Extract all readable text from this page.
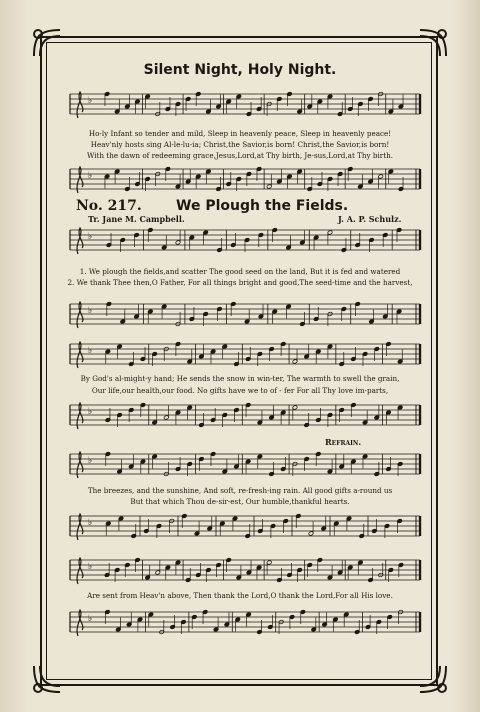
Silent Night, Holy Night.
♭
Ho-ly Infant so tender and mild, Sleep in heavenly peace, Sleep in heavenly peace!
Heav'nly hosts sing Al-le-lu-ia; Christ,the Savior,is born! Christ,the Savior,is born!
With the dawn of redeeming grace,Jesus,Lord,at Thy birth, Je-sus,Lord,at Thy birth.
♭
No. 217. We Plough the Fields.
Tr. Jane M. Campbell.	J. A. P. Schulz.
♭
1. We plough the fields,and scatter The good seed on the land, But it is fed and watered
2. We thank Thee then,O Father, For all things bright and good,The seed-time and the harvest,
♭
♭
By God's al-might-y hand; He sends the snow in win-ter, The warmth to swell the grain,
Our life,our health,our food. No gifts have we to of - fer For all Thy love im-parts,
♭
Refrain.
♭
The breezes, and the sunshine, And soft, re-fresh-ing rain. All good gifts a-round us
But that which Thou de-sir-est, Our humble,thankful hearts.
♭
♭
Are sent from Heav'n above, Then thank the Lord,O thank the Lord,For all His love.
♭
